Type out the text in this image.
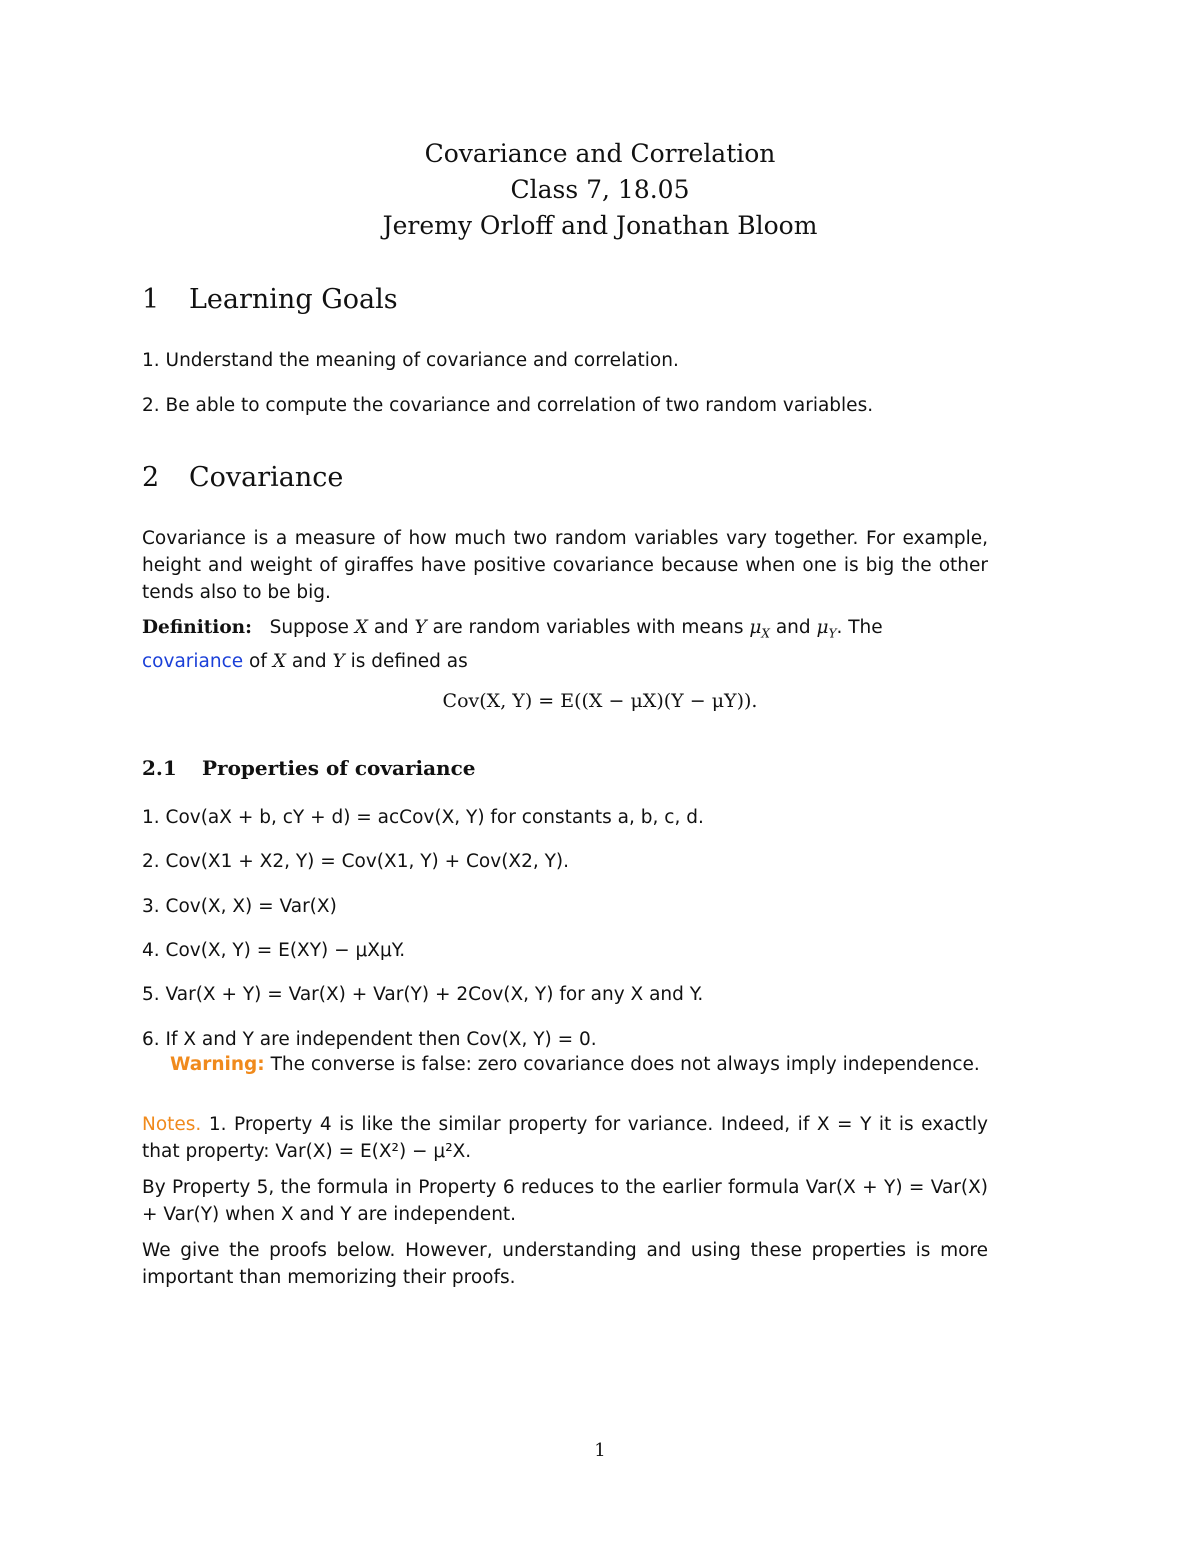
Covariance and Correlation
Class 7, 18.05
Jeremy Orloff and Jonathan Bloom
1 Learning Goals
1. Understand the meaning of covariance and correlation.
2. Be able to compute the covariance and correlation of two random variables.
2 Covariance
Covariance is a measure of how much two random variables vary together. For example, height and weight of giraffes have positive covariance because when one is big the other tends also to be big.
Definition: Suppose X and Y are random variables with means $\mu_X$ and $\mu_Y$. The
covariance of X and Y is defined as
Cov(X, Y) = E((X − μX)(Y − μY)).
2.1 Properties of covariance
1. Cov(aX + b, cY + d) = acCov(X, Y) for constants a, b, c, d.
2. Cov(X1 + X2, Y) = Cov(X1, Y) + Cov(X2, Y).
3. Cov(X, X) = Var(X)
4. Cov(X, Y) = E(XY) − μXμY.
5. Var(X + Y) = Var(X) + Var(Y) + 2Cov(X, Y) for any X and Y.
6. If X and Y are independent then Cov(X, Y) = 0.
Warning: The converse is false: zero covariance does not always imply independence.
Notes. 1. Property 4 is like the similar property for variance. Indeed, if X = Y it is exactly that property: Var(X) = E(X²) − μ²X.
By Property 5, the formula in Property 6 reduces to the earlier formula Var(X + Y) = Var(X) + Var(Y) when X and Y are independent.
We give the proofs below. However, understanding and using these properties is more important than memorizing their proofs.
1
